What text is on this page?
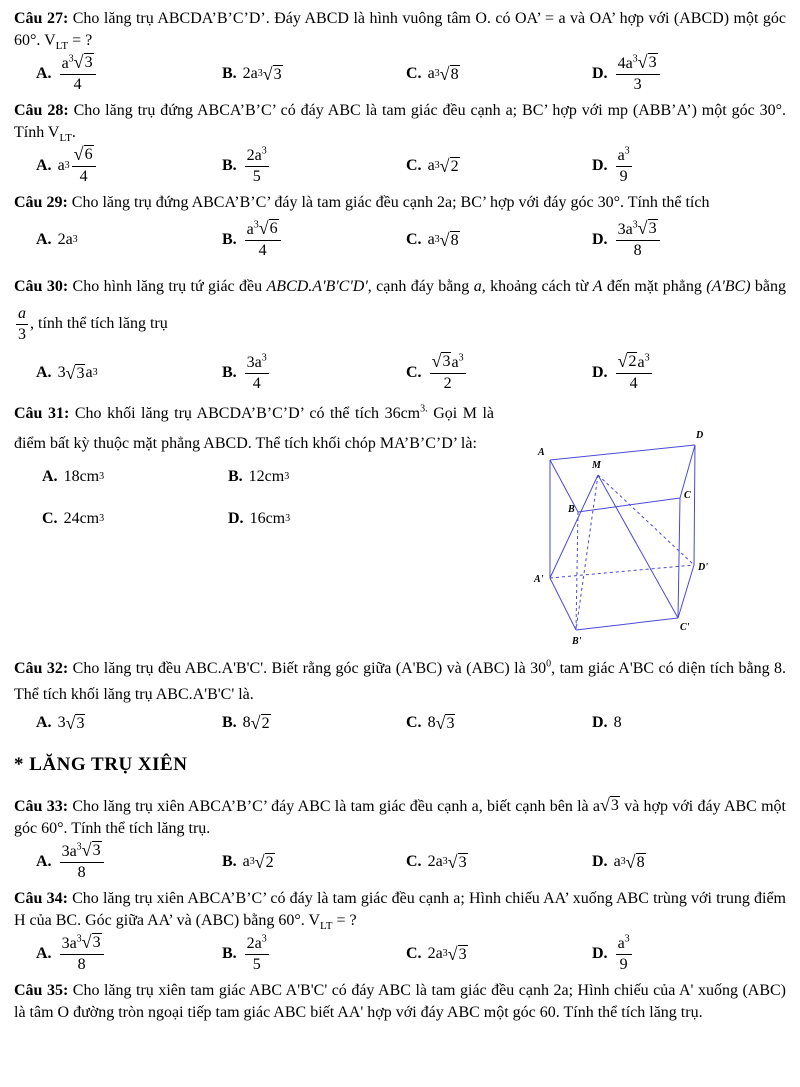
Câu 27: Cho lăng trụ ABCDA’B’C’D’. Đáy ABCD là hình vuông tâm O. có OA’ = a và OA’ hợp với (ABCD) một góc 60°. $V_{LT}$ = ?

A. $\frac{a^3 √ 3}{4}$	B. 2a 3 √ 3	C. a 3 √ 8	D. $\frac{4a^3 √ 3}{3}$

Câu 28: Cho lăng trụ đứng ABCA’B’C’ có đáy ABC là tam giác đều cạnh a; BC’ hợp với mp (ABB’A’) một góc 30°. Tính $V_{LT}$.

A. a $3 \frac{√ 6}{4}$	B. $\frac{2a^3}{5}$	C. a 3 √ 2	D. $\frac{a^3}{9}$

Câu 29: Cho lăng trụ đứng ABCA’B’C’ đáy là tam giác đều cạnh 2a; BC’ hợp với đáy góc 30°. Tính thể tích

A. 2a 3	B. $\frac{a^3 √ 6}{4}$	C. a 3 √ 8	D. $\frac{3a^3 √ 3}{8}$

Câu 30: Cho hình lăng trụ tứ giác đều ABCD.A'B'C'D', cạnh đáy bằng a, khoảng cách từ A đến mặt phẳng (A'BC) bằng
$\frac{a}{3}$ , tính thể tích lăng trụ

A. 3 √ 3 a 3	B. $\frac{3a^3}{4}$	C. $\frac{√ 3 a^3}{2}$	D. $\frac{√ 2 a^3}{4}$

Câu 31: Cho khối lăng trụ ABCDA’B’C’D’ có thể tích $36cm^{3.}$ Gọi M là điểm bất kỳ thuộc mặt phẳng ABCD. Thể tích khối chóp MA’B’C’D’ là:

A. 18cm 3	B. 12cm 3
C. 24cm 3	D. 16cm 3
A
D
M
C
B
A'
D'
C'
B'

Câu 32: Cho lăng trụ đều ABC.A'B'C'. Biết rằng góc giữa (A'BC) và (ABC) là $30^0$, tam giác A'BC có diện tích bằng 8. Thể tích khối lăng trụ ABC.A'B'C' là.

A. 3 √ 3	B. 8 √ 2	C. 8 √ 3	D. 8
* LĂNG TRỤ XIÊN

Câu 33: Cho lăng trụ xiên ABCA’B’C’ đáy ABC là tam giác đều cạnh a, biết cạnh bên là a √ 3 và hợp với đáy ABC một góc 60°. Tính thể tích lăng trụ.

A. $\frac{3a^3 √ 3}{8}$	B. a 3 √ 2	C. 2a 3 √ 3	D. a 3 √ 8

Câu 34: Cho lăng trụ xiên ABCA’B’C’ có đáy là tam giác đều cạnh a; Hình chiếu AA’ xuống ABC trùng với trung điểm H của BC. Góc giữa AA’ và (ABC) bằng 60°. $V_{LT}$ = ?

A. $\frac{3a^3 √ 3}{8}$	B. $\frac{2a^3}{5}$	C. 2a 3 √ 3	D. $\frac{a^3}{9}$

Câu 35: Cho lăng trụ xiên tam giác ABC A'B'C' có đáy ABC là tam giác đều cạnh 2a; Hình chiếu của A' xuống (ABC) là tâm O đường tròn ngoại tiếp tam giác ABC biết AA' hợp với đáy ABC một góc 60. Tính thể tích lăng trụ.
